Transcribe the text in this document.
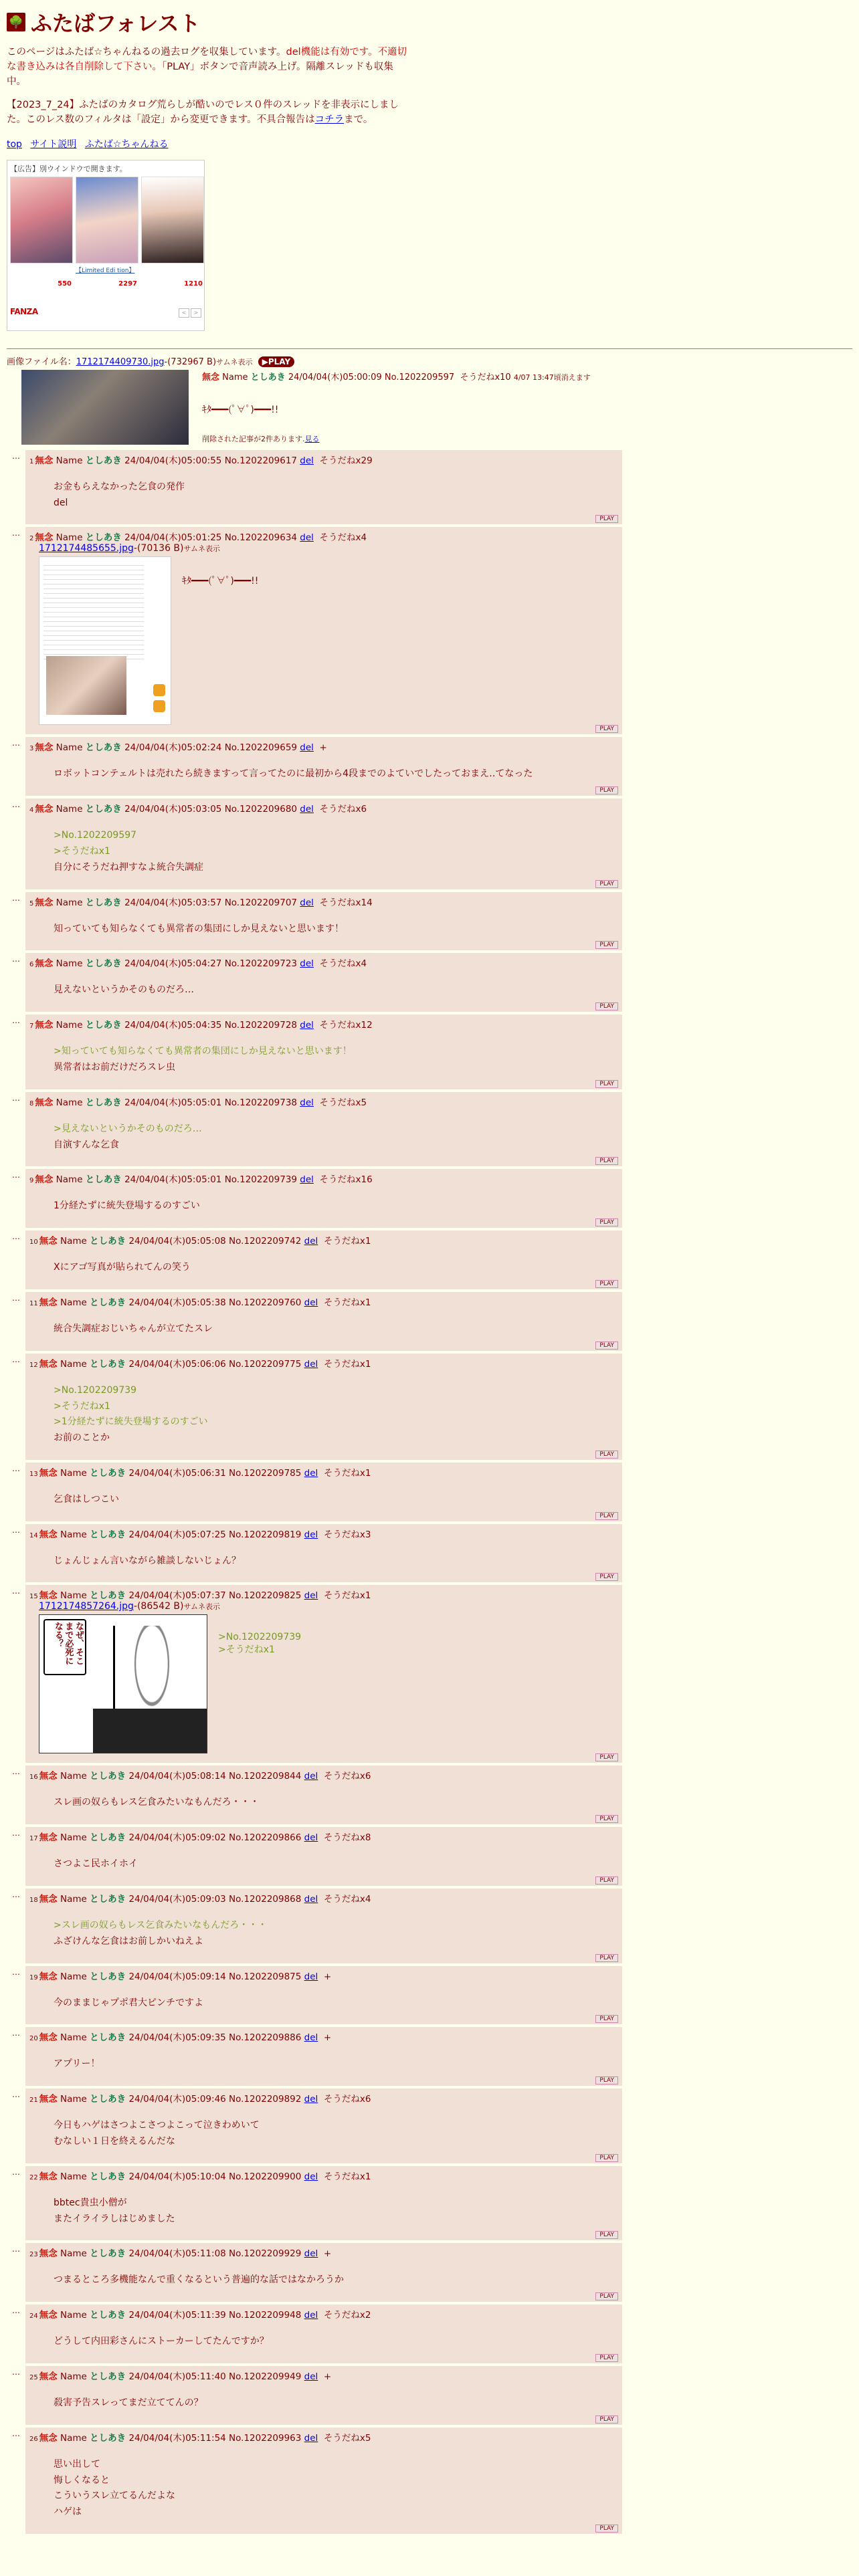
🌳 ふたばフォレスト

このページはふたば☆ちゃんねるの過去ログを収集しています。del機能は有効です。不適切な書き込みは各自削除して下さい。「PLAY」ボタンで音声読み上げ。隔離スレッドも収集中。

【2023_7_24】ふたばのカタログ荒らしが酷いのでレス０件のスレッドを非表示にしました。このレス数のフィルタは「設定」から変更できます。不具合報告はコチラまで。

top サイト説明 ふたば☆ちゃんねる
【広告】別ウインドウで開きます。
550
【Limited Edi tion】
2297	1210
FANZA	< >
画像ファイル名：1712174409730.jpg-(732967 B)サムネ表示 ▶PLAY
無念 Name としあき 24/04/04(木)05:00:09 No.1202209597 そうだねx10 4/07 13:47頃消えます
ｷﾀ━━━(ﾟ∀ﾟ)━━━!!
削除された記事が2件あります.見る
…
1 無念 Name としあき 24/04/04(木)05:00:55 No.1202209617 del そうだねx29
お金もらえなかった乞食の発作
del
PLAY
…
2 無念 Name としあき 24/04/04(木)05:01:25 No.1202209634 del そうだねx4
1712174485655.jpg-(70136 B)サムネ表示
ｷﾀ━━━(ﾟ∀ﾟ)━━━!!
PLAY
…
3 無念 Name としあき 24/04/04(木)05:02:24 No.1202209659 del +
ロボットコンテェルトは売れたら続きますって言ってたのに最初から4段までのよていでしたっておまえ‥てなった
PLAY
…
4 無念 Name としあき 24/04/04(木)05:03:05 No.1202209680 del そうだねx6
>No.1202209597
>そうだねx1
自分にそうだね押すなよ統合失調症
PLAY
…
5 無念 Name としあき 24/04/04(木)05:03:57 No.1202209707 del そうだねx14
知っていても知らなくても異常者の集団にしか見えないと思います！
PLAY
…
6 無念 Name としあき 24/04/04(木)05:04:27 No.1202209723 del そうだねx4
見えないというかそのものだろ…
PLAY
…
7 無念 Name としあき 24/04/04(木)05:04:35 No.1202209728 del そうだねx12
>知っていても知らなくても異常者の集団にしか見えないと思います！
異常者はお前だけだろスレ虫
PLAY
…
8 無念 Name としあき 24/04/04(木)05:05:01 No.1202209738 del そうだねx5
>見えないというかそのものだろ…
自演すんな乞食
PLAY
…
9 無念 Name としあき 24/04/04(木)05:05:01 No.1202209739 del そうだねx16
1分経たずに統失登場するのすごい
PLAY
…
10 無念 Name としあき 24/04/04(木)05:05:08 No.1202209742 del そうだねx1
Xにアゴ写真が貼られてんの笑う
PLAY
…
11 無念 Name としあき 24/04/04(木)05:05:38 No.1202209760 del そうだねx1
統合失調症おじいちゃんが立てたスレ
PLAY
…
12 無念 Name としあき 24/04/04(木)05:06:06 No.1202209775 del そうだねx1
>No.1202209739
>そうだねx1
>1分経たずに統失登場するのすごい
お前のことか
PLAY
…
13 無念 Name としあき 24/04/04(木)05:06:31 No.1202209785 del そうだねx1
乞食はしつこい
PLAY
…
14 無念 Name としあき 24/04/04(木)05:07:25 No.1202209819 del そうだねx3
じょんじょん言いながら雑談しないじょん？
PLAY
…
15 無念 Name としあき 24/04/04(木)05:07:37 No.1202209825 del そうだねx1
1712174857264.jpg-(86542 B)サムネ表示
なぜ、そこまで必死になる？	>No.1202209739
>そうだねx1
PLAY
…
16 無念 Name としあき 24/04/04(木)05:08:14 No.1202209844 del そうだねx6
スレ画の奴らもレス乞食みたいなもんだろ・・・
PLAY
…
17 無念 Name としあき 24/04/04(木)05:09:02 No.1202209866 del そうだねx8
さつよこ民ホイホイ
PLAY
…
18 無念 Name としあき 24/04/04(木)05:09:03 No.1202209868 del そうだねx4
>スレ画の奴らもレス乞食みたいなもんだろ・・・
ふざけんな乞食はお前しかいねえよ
PLAY
…
19 無念 Name としあき 24/04/04(木)05:09:14 No.1202209875 del +
今のままじゃプポ君大ピンチですよ
PLAY
…
20 無念 Name としあき 24/04/04(木)05:09:35 No.1202209886 del +
アプリー！
PLAY
…
21 無念 Name としあき 24/04/04(木)05:09:46 No.1202209892 del そうだねx6
今日もハゲはさつよこさつよこって泣きわめいて
むなしい１日を終えるんだな
PLAY
…
22 無念 Name としあき 24/04/04(木)05:10:04 No.1202209900 del そうだねx1
bbtec貴虫小僧が
またイライラしはじめました
PLAY
…
23 無念 Name としあき 24/04/04(木)05:11:08 No.1202209929 del +
つまるところ多機能なんで重くなるという普遍的な話ではなかろうか
PLAY
…
24 無念 Name としあき 24/04/04(木)05:11:39 No.1202209948 del そうだねx2
どうして内田彩さんにストーカーしてたんですか？
PLAY
…
25 無念 Name としあき 24/04/04(木)05:11:40 No.1202209949 del +
殺害予告スレってまだ立ててんの？
PLAY
…
26 無念 Name としあき 24/04/04(木)05:11:54 No.1202209963 del そうだねx5
思い出して
悔しくなると
こういうスレ立てるんだよな
ハゲは
PLAY
